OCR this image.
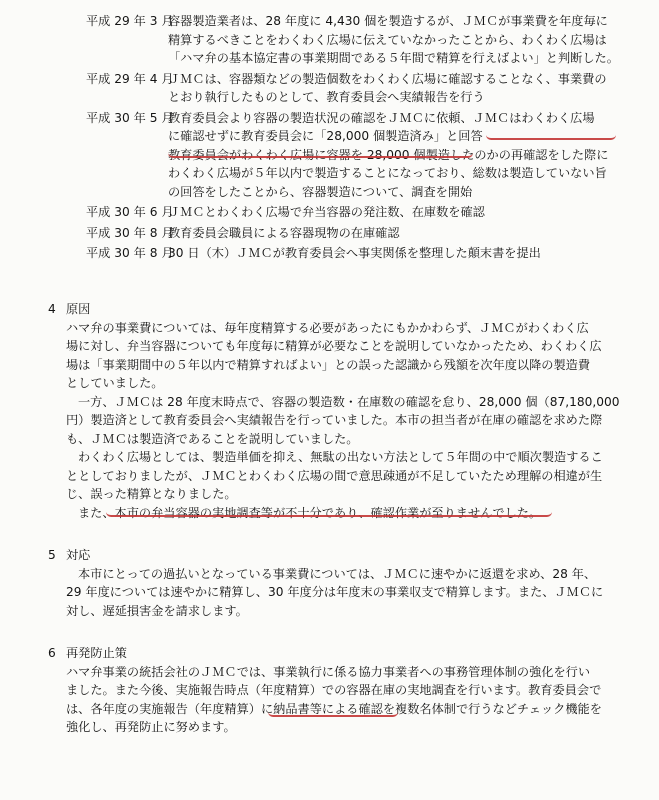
平成 29 年 3 月
容器製造業者は、28 年度に 4,430 個を製造するが、ＪＭＣが事業費を年度毎に
精算するべきことをわくわく広場に伝えていなかったことから、わくわく広場は
「ハマ弁の基本協定書の事業期間である５年間で精算を行えばよい」と判断した。
平成 29 年 4 月
ＪＭＣは、容器類などの製造個数をわくわく広場に確認することなく、事業費の
とおり執行したものとして、教育委員会へ実績報告を行う
平成 30 年 5 月
教育委員会より容器の製造状況の確認をＪＭＣに依頼、ＪＭＣはわくわく広場
に確認せずに教育委員会に「28,000 個製造済み」と回答
教育委員会がわくわく広場に容器を 28,000 個製造したのかの再確認をした際に
わくわく広場が５年以内で製造することになっており、総数は製造していない旨
の回答をしたことから、容器製造について、調査を開始
平成 30 年 6 月
ＪＭＣとわくわく広場で弁当容器の発注数、在庫数を確認
平成 30 年 8 月
教育委員会職員による容器現物の在庫確認
平成 30 年 8 月
30 日（木）ＪＭＣが教育委員会へ事実関係を整理した顛末書を提出
4 原因
ハマ弁の事業費については、毎年度精算する必要があったにもかかわらず、ＪＭＣがわくわく広
場に対し、弁当容器についても年度毎に精算が必要なことを説明していなかったため、わくわく広
場は「事業期間中の５年以内で精算すればよい」との誤った認識から残額を次年度以降の製造費
としていました。
一方、ＪＭＣは 28 年度末時点で、容器の製造数・在庫数の確認を怠り、28,000 個（87,180,000
円）製造済として教育委員会へ実績報告を行っていました。本市の担当者が在庫の確認を求めた際
も、ＪＭＣは製造済であることを説明していました。
わくわく広場としては、製造単価を抑え、無駄の出ない方法として５年間の中で順次製造するこ
ととしておりましたが、ＪＭＣとわくわく広場の間で意思疎通が不足していたため理解の相違が生
じ、誤った精算となりました。
また、本市の弁当容器の実地調査等が不十分であり、確認作業が至りませんでした。
5 対応
本市にとっての過払いとなっている事業費については、ＪＭＣに速やかに返還を求め、28 年、
29 年度については速やかに精算し、30 年度分は年度末の事業収支で精算します。また、ＪＭＣに
対し、遅延損害金を請求します。
6 再発防止策
ハマ弁事業の統括会社のＪＭＣでは、事業執行に係る協力事業者への事務管理体制の強化を行い
ました。また今後、実施報告時点（年度精算）での容器在庫の実地調査を行います。教育委員会で
は、各年度の実施報告（年度精算）に納品書等による確認を複数名体制で行うなどチェック機能を
強化し、再発防止に努めます。
